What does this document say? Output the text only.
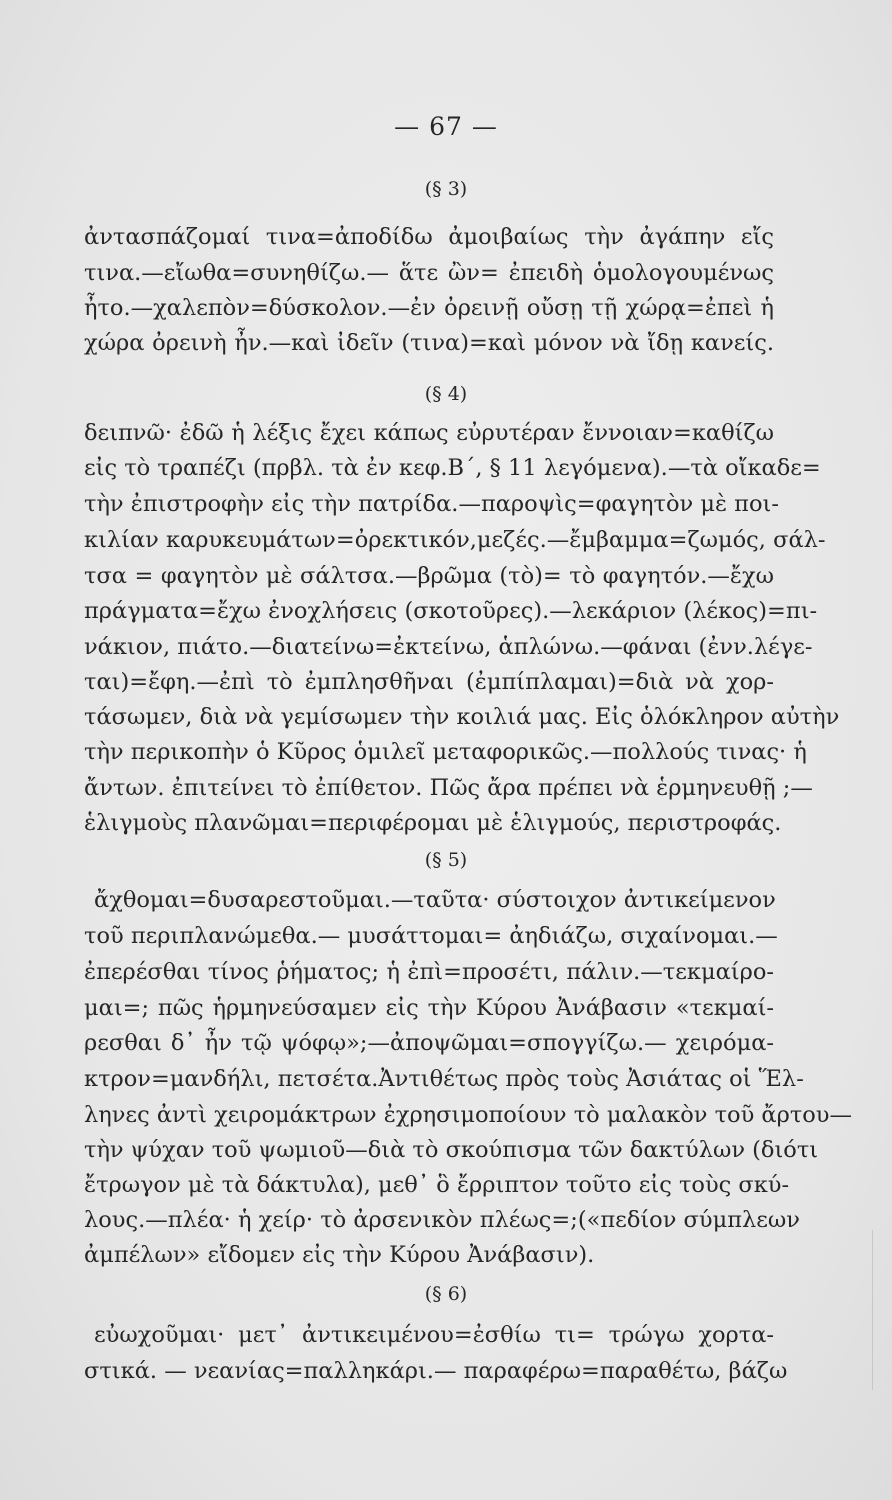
— 67 —
(§ 3)
ἀντασπάζομαί τινα=ἀποδίδω ἀμοιβαίως τὴν ἀγάπην εἴς
τινα.—εἴωθα=συνηθίζω.— ἅτε ὢν= ἐπειδὴ ὁμολογουμένως
ἦτο.—χαλεπὸν=δύσκολον.—ἐν ὀρεινῇ οὔσῃ τῇ χώρᾳ=ἐπεὶ ἡ
χώρα ὀρεινὴ ἦν.—καὶ ἰδεῖν (τινα)=καὶ μόνον νὰ ἴδῃ κανείς.
(§ 4)
δειπνῶ· ἐδῶ ἡ λέξις ἔχει κάπως εὐρυτέραν ἔννοιαν=καθίζω
εἰς τὸ τραπέζι (πρβλ. τὰ ἐν κεφ.Β΄, § 11 λεγόμενα).—τὰ οἴκαδε=
τὴν ἐπιστροφὴν εἰς τὴν πατρίδα.—παροψὶς=φαγητὸν μὲ ποι-
κιλίαν καρυκευμάτων=ὀρεκτικόν,μεζές.—ἔμβαμμα=ζωμός, σάλ-
τσα = φαγητὸν μὲ σάλτσα.—βρῶμα (τὸ)= τὸ φαγητόν.—ἔχω
πράγματα=ἔχω ἐνοχλήσεις (σκοτοῦρες).—λεκάριον (λέκος)=πι-
νάκιον, πιάτο.—διατείνω=ἐκτείνω, ἁπλώνω.—φάναι (ἐνν.λέγε-
ται)=ἔφη.—ἐπὶ τὸ ἐμπλησθῆναι (ἐμπίπλαμαι)=διὰ νὰ χορ-
τάσωμεν, διὰ νὰ γεμίσωμεν τὴν κοιλιά μας. Εἰς ὁλόκληρον αὐτὴν
τὴν περικοπὴν ὁ Κῦρος ὁμιλεῖ μεταφορικῶς.—πολλούς τινας· ἡ
ἄντων. ἐπιτείνει τὸ ἐπίθετον. Πῶς ἄρα πρέπει νὰ ἑρμηνευθῇ ;—
ἑλιγμοὺς πλανῶμαι=περιφέρομαι μὲ ἑλιγμούς, περιστροφάς.
(§ 5)
ἄχθομαι=δυσαρεστοῦμαι.—ταῦτα· σύστοιχον ἀντικείμενον
τοῦ περιπλανώμεθα.— μυσάττομαι= ἀηδιάζω, σιχαίνομαι.—
ἐπερέσθαι τίνος ῥήματος; ἡ ἐπὶ=προσέτι, πάλιν.—τεκμαίρο-
μαι=; πῶς ἡρμηνεύσαμεν εἰς τὴν Κύρου Ἀνάβασιν «τεκμαί-
ρεσθαι δ᾽ ἦν τῷ ψόφῳ»;—ἀποψῶμαι=σπογγίζω.— χειρόμα-
κτρον=μανδήλι, πετσέτα.Ἀντιθέτως πρὸς τοὺς Ἀσιάτας οἱ Ἕλ-
ληνες ἀντὶ χειρομάκτρων ἐχρησιμοποίουν τὸ μαλακὸν τοῦ ἄρτου—
τὴν ψύχαν τοῦ ψωμιοῦ—διὰ τὸ σκούπισμα τῶν δακτύλων (διότι
ἔτρωγον μὲ τὰ δάκτυλα), μεθ᾽ ὃ ἔρριπτον τοῦτο εἰς τοὺς σκύ-
λους.—πλέα· ἡ χείρ· τὸ ἀρσενικὸν πλέως=;(«πεδίον σύμπλεων
ἀμπέλων» εἴδομεν εἰς τὴν Κύρου Ἀνάβασιν).
(§ 6)
εὐωχοῦμαι· μετ᾽ ἀντικειμένου=ἐσθίω τι= τρώγω χορτα-
στικά. — νεανίας=παλληκάρι.— παραφέρω=παραθέτω, βάζω
